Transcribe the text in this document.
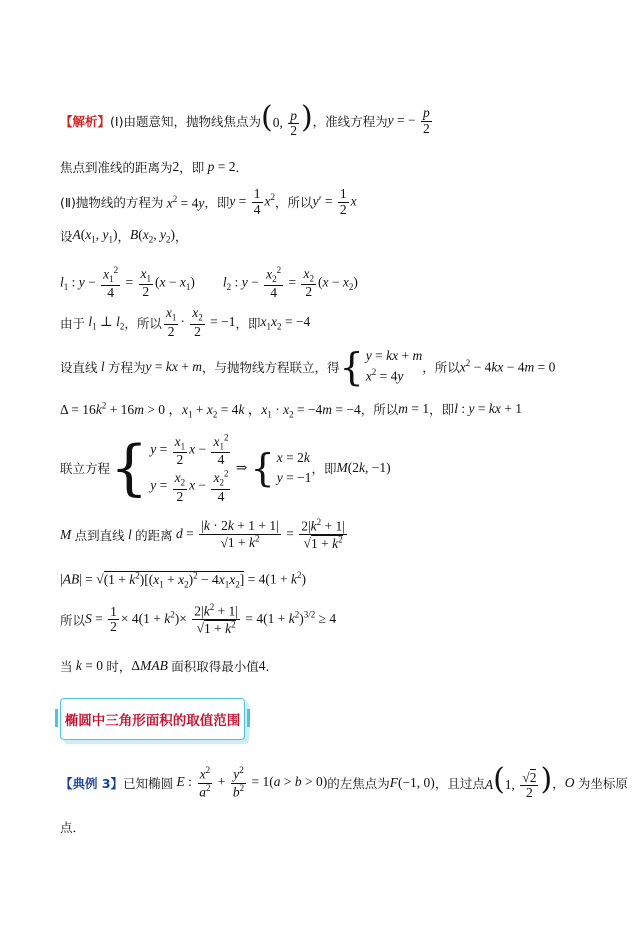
【解析】 (Ⅰ)由题意知，抛物线焦点为 (0, $\frac{p}{2}$ ) ，准线方程为 y = − $\frac{p}{2}$
焦点到准线的距离为 2 ，即 p = 2 ．
(Ⅱ)抛物线的方程为 $x^2 = 4y$ ，即 $y = \frac{1}{4} x^2$ ，所以 $y' = \frac{1}{2}$ x
设 $A(x_1$, $y_1$) ， $B(x_2$, $y_2$) ，
$l_1$ : $y - \frac{x_1^2}{4} = \frac{x_1}{2} (x - x_1)$ $l_2$ : $y - \frac{x_2^2}{4} = \frac{x_2}{2} (x - x_2)$
由于 $l_1$ ⊥ $l_2$ ，所以 $\frac{x_1}{2} \cdot \frac{x_2}{2} = -1$ ，即 $x_1x_2 = -4$
设直线 l 方程为 y = kx + m ，与抛物线方程联立，得 { y = kx + m
$x^2 = 4y$
，所以 $x^2 - 4kx - 4m = 0$
$\Delta = 16k^2 + 16m > 0$ ，$x_1 + x_2 = 4k$ ，$x_1 \cdot x_2 = -4m = -4$ ，所以 m = 1 ，即 l : y = kx + 1
联立方程 { $y = \frac{x_1}{2}$ $x - \frac{x_1^2}{4}$
$y = \frac{x_2}{2}$ $x - \frac{x_2^2}{4}$
⇒ { x = 2k
y = −1
，即 M(2k, −1)
M 点到直线 l 的距离 $d = \frac{|k \cdot 2k + 1 + 1|}{√1 + k^2} = \frac{2|k^2 + 1|}{√1 + k^2}$
$|AB| = √(1 + k^2)[(x_1 + x_2)^2 - 4x_1x_2] = 4(1 + k^2)$
所以 $S = \frac{1}{2} \times 4(1 + k^2)\times \frac{2|k^2 + 1|}{√1 + k^2} = 4(1 + k^2)^{3/2} \ge 4$
当 k = 0 时， ΔMAB 面积取得最小值 4 .
椭圆中三角形面积的取值范围
【典例 3】 已知椭圆 E : $\frac{x^2}{a^2} + \frac{y^2}{b^2} = 1(a > b > 0)$ 的左焦点为 F(−1, 0) ，且过点 A(1, $\frac{√2}{2}$ ) ， O 为坐标原
点．
